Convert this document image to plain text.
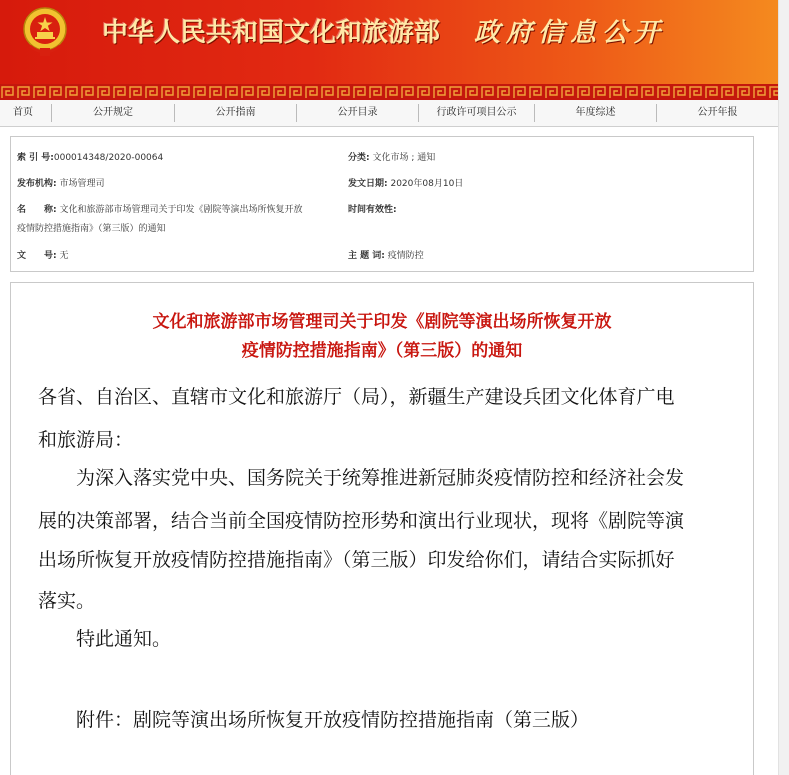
中华人民共和国文化和旅游部 政府信息公开
首页	公开规定	公开指南	公开目录	行政许可项目公示	年度综述	公开年报
索 引 号:000014348/2020-00064	分类: 文化市场 ; 通知
发布机构: 市场管理司	发文日期: 2020年08月10日
名　　称: 文化和旅游部市场管理司关于印发《剧院等演出场所恢复开放
疫情防控措施指南》（第三版）的通知
时间有效性:
文　　号: 无	主 题 词: 疫情防控
文化和旅游部市场管理司关于印发《剧院等演出场所恢复开放
疫情防控措施指南》（第三版）的通知
各省、自治区、直辖市文化和旅游厅（局），新疆生产建设兵团文化体育广电
和旅游局：
　　为深入落实党中央、国务院关于统筹推进新冠肺炎疫情防控和经济社会发
展的决策部署，结合当前全国疫情防控形势和演出行业现状，现将《剧院等演
出场所恢复开放疫情防控措施指南》（第三版）印发给你们，请结合实际抓好
落实。
　　特此通知。
　　附件：剧院等演出场所恢复开放疫情防控措施指南（第三版）
